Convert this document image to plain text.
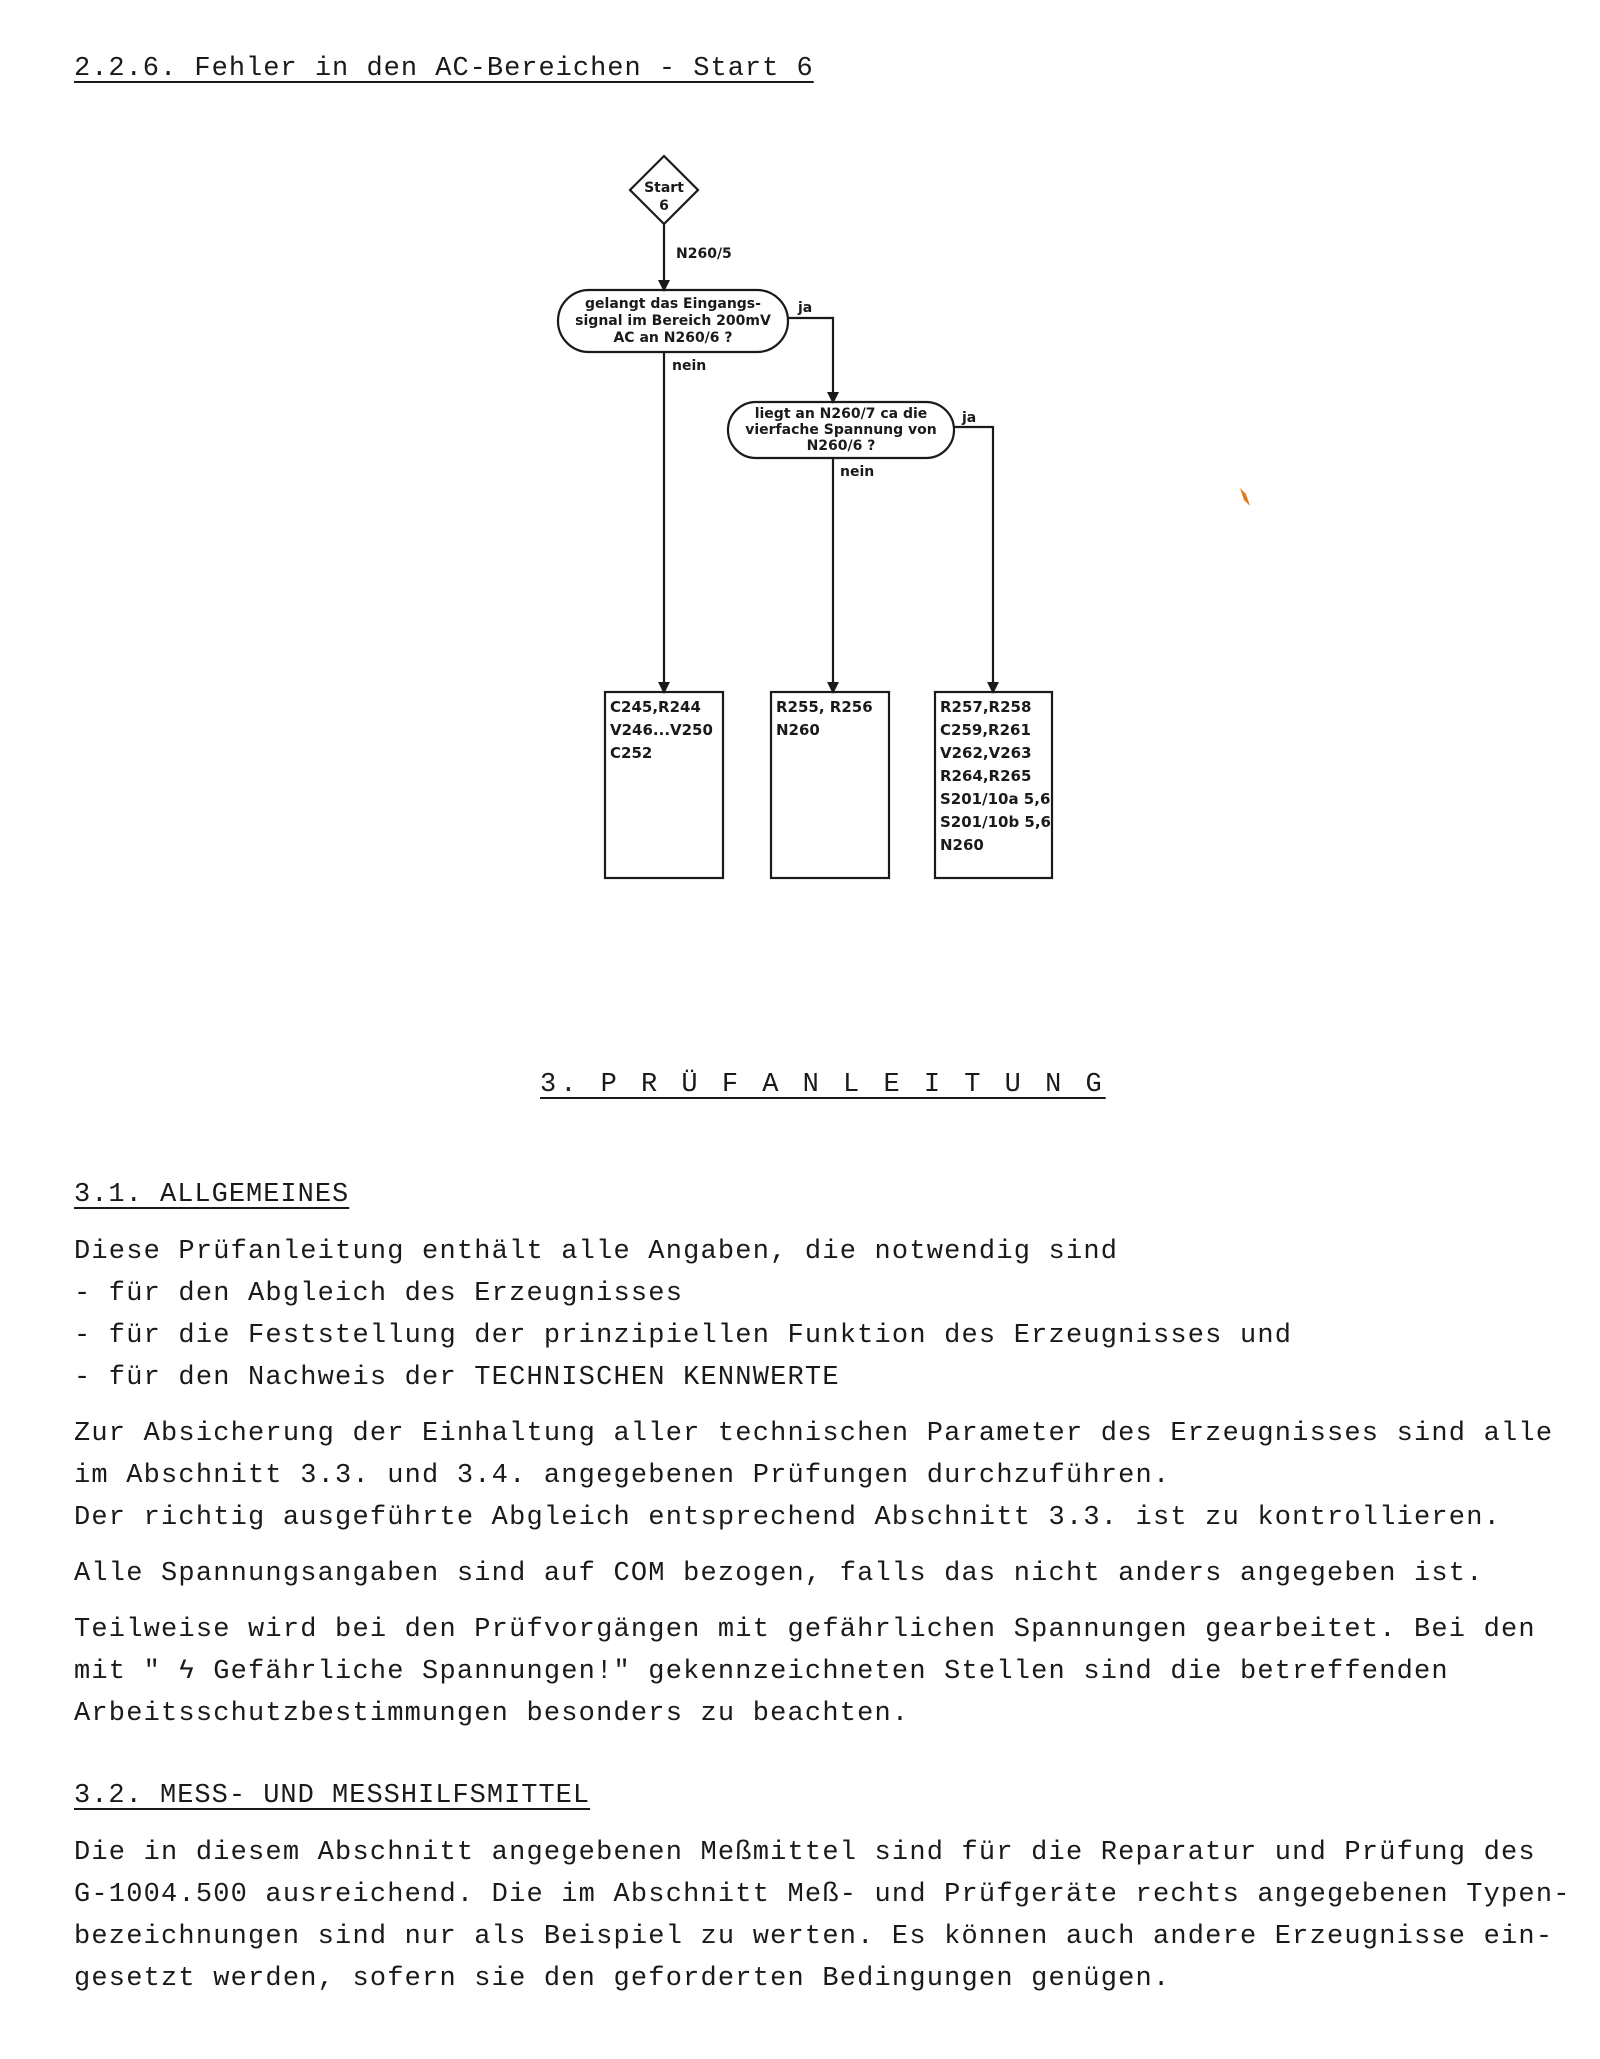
2.2.6. Fehler in den AC-Bereichen - Start 6
Start
6
N260/5
gelangt das Eingangs-
signal im Bereich 200mV
AC an N260/6 ?
ja
nein
liegt an N260/7 ca die
vierfache Spannung von
N260/6 ?
ja
nein
C245,R244
V246...V250
C252
R255, R256
N260
R257,R258
C259,R261
V262,V263
R264,R265
S201/10a 5,6
S201/10b 5,6
N260
3. P R Ü F A N L E I T U N G
3.1. ALLGEMEINES
Diese Prüfanleitung enthält alle Angaben, die notwendig sind
- für den Abgleich des Erzeugnisses
- für die Feststellung der prinzipiellen Funktion des Erzeugnisses und
- für den Nachweis der TECHNISCHEN KENNWERTE
Zur Absicherung der Einhaltung aller technischen Parameter des Erzeugnisses sind alle
im Abschnitt 3.3. und 3.4. angegebenen Prüfungen durchzuführen.
Der richtig ausgeführte Abgleich entsprechend Abschnitt 3.3. ist zu kontrollieren.
Alle Spannungsangaben sind auf COM bezogen, falls das nicht anders angegeben ist.
Teilweise wird bei den Prüfvorgängen mit gefährlichen Spannungen gearbeitet. Bei den
mit " ϟ Gefährliche Spannungen!" gekennzeichneten Stellen sind die betreffenden
Arbeitsschutzbestimmungen besonders zu beachten.
3.2. MESS- UND MESSHILFSMITTEL
Die in diesem Abschnitt angegebenen Meßmittel sind für die Reparatur und Prüfung des
G-1004.500 ausreichend. Die im Abschnitt Meß- und Prüfgeräte rechts angegebenen Typen-
bezeichnungen sind nur als Beispiel zu werten. Es können auch andere Erzeugnisse ein-
gesetzt werden, sofern sie den geforderten Bedingungen genügen.
